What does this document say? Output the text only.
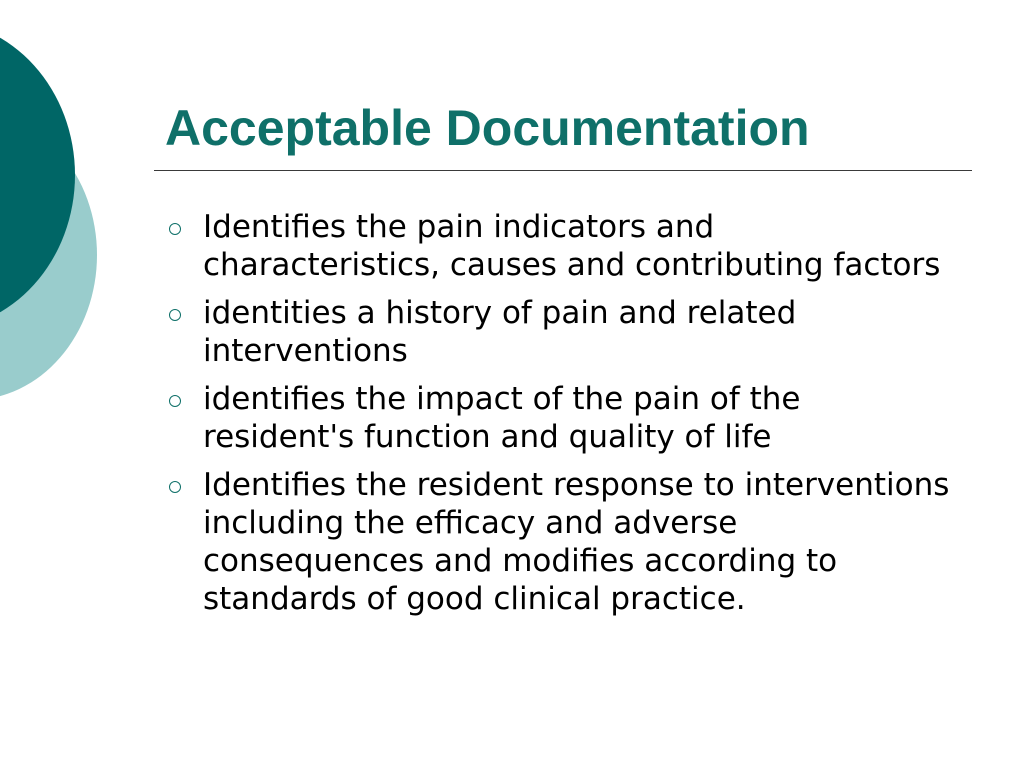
Acceptable Documentation
Identifies the pain indicators and characteristics, causes and contributing factors
identities a history of pain and related interventions
identifies the impact of the pain of the resident's function and quality of life
Identifies the resident response to interventions including the efficacy and adverse consequences and modifies according to standards of good clinical practice.
